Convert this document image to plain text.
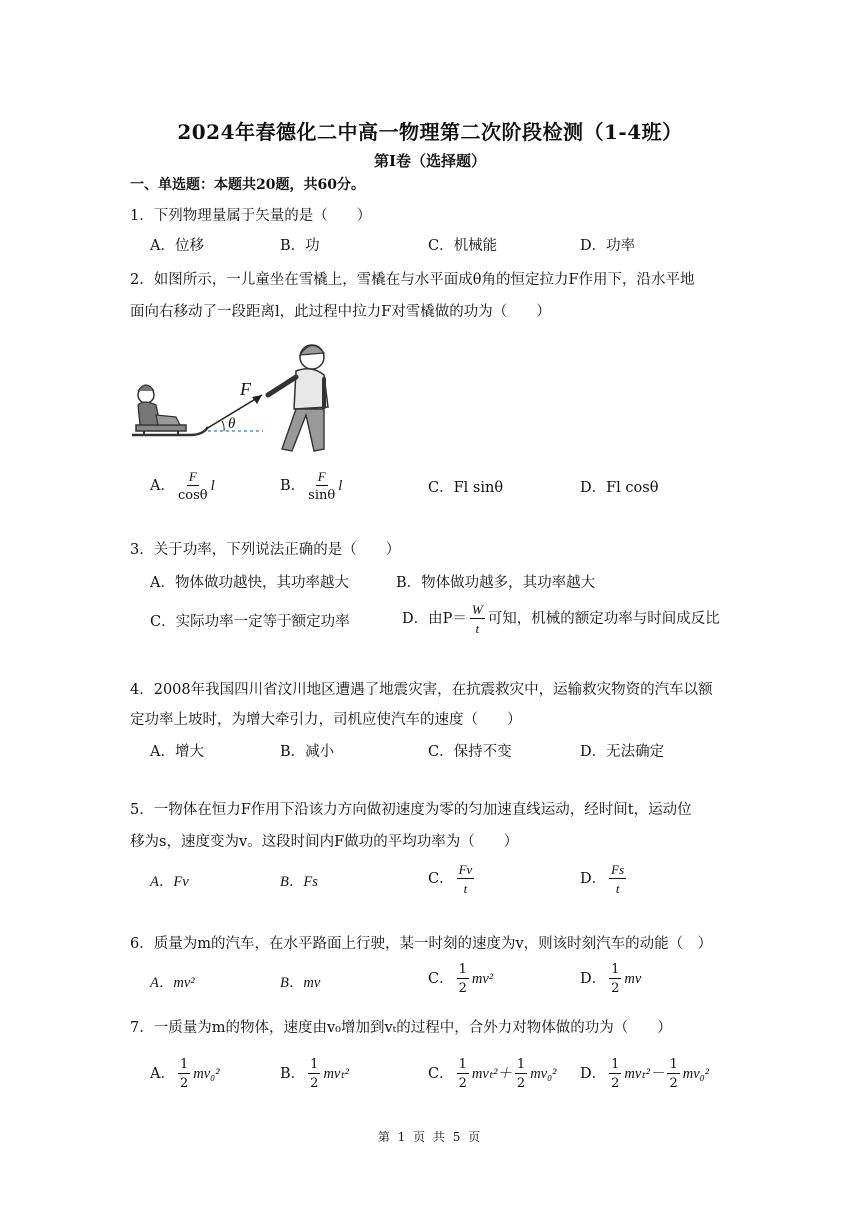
2024年春德化二中高一物理第二次阶段检测（1-4班）
第Ⅰ卷（选择题）
一、单选题：本题共20题，共60分。
1．下列物理量属于矢量的是（　　）
A．位移	B．功	C．机械能	D．功率
2．如图所示，一儿童坐在雪橇上，雪橇在与水平面成θ角的恒定拉力F作用下，沿水平地
面向右移动了一段距离l，此过程中拉力F对雪橇做的功为（　　）
F
θ
A． $\frac{F}{\cos\theta}$ l	B． $\frac{F}{\sin\theta}$ l	C．Fl sinθ	D．Fl cosθ
3．关于功率，下列说法正确的是（　　）
A．物体做功越快，其功率越大	B．物体做功越多，其功率越大
C．实际功率一定等于额定功率	D．由$P= \frac{W}{t}$ 可知，机械的额定功率与时间成反比
4．2008年我国四川省汶川地区遭遇了地震灾害，在抗震救灾中，运输救灾物资的汽车以额
定功率上坡时，为增大牵引力，司机应使汽车的速度（　　）
A．增大	B．减小	C．保持不变	D．无法确定
5．一物体在恒力F作用下沿该力方向做初速度为零的匀加速直线运动，经时间t，运动位
移为s，速度变为v。这段时间内F做功的平均功率为（　　）
A．Fv	B．Fs	C． $\frac{Fv}{t}$	D． $\frac{Fs}{t}$
6．质量为m的汽车，在水平路面上行驶，某一时刻的速度为v，则该时刻汽车的动能（　）
A．mv²	B．mv	C． $\frac{1}{2} mv^2$	D． $\frac{1}{2}$ mv
7．一质量为m的物体，速度由v₀增加到vₜ的过程中，合外力对物体做的功为（　　）
A． $\frac{1}{2} mv_0^2$	B． $\frac{1}{2} mv_t^2$	C． $\frac{1}{2} mv_t^2+ \frac{1}{2} mv_0^2$ D． $\frac{1}{2} mv_t^2- \frac{1}{2} mv_0^2$
第 1 页 共 5 页
